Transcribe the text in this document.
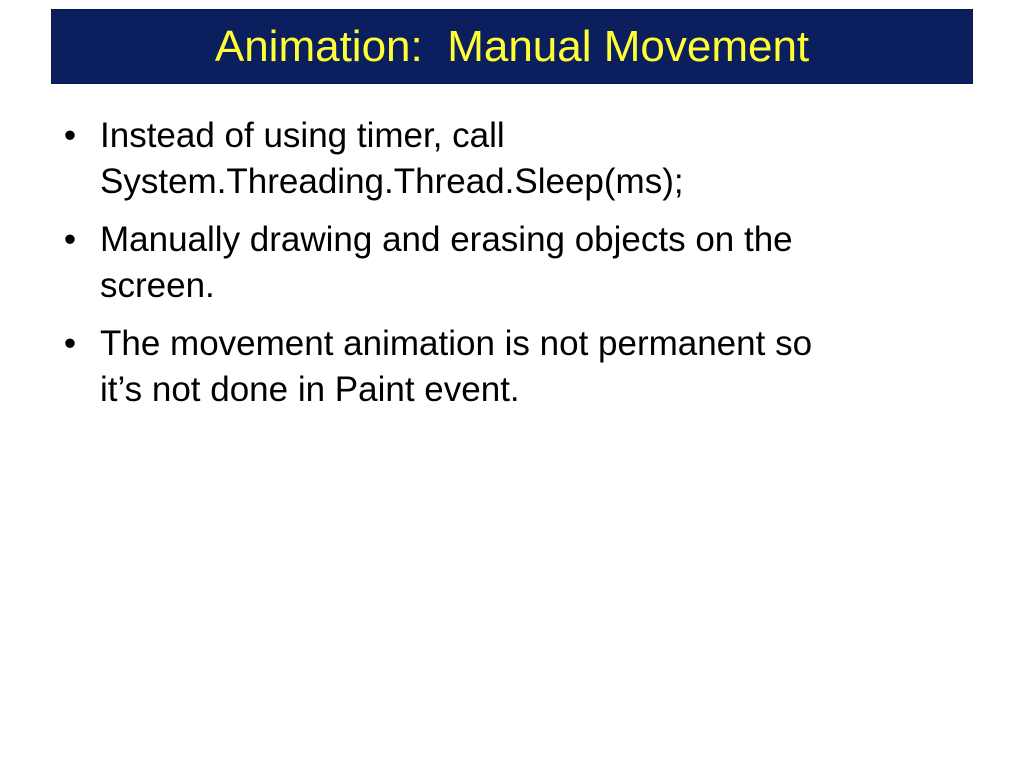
Animation:  Manual Movement
• Instead of using timer, call
System.Threading.Thread.Sleep(ms);
• Manually drawing and erasing objects on the
screen.
• The movement animation is not permanent so
it’s not done in Paint event.
